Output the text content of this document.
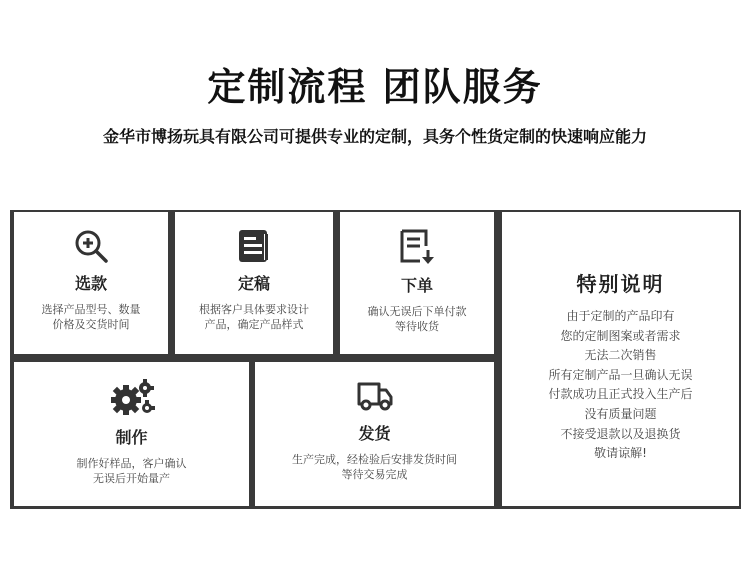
定制流程 团队服务
金华市博扬玩具有限公司可提供专业的定制，具务个性货定制的快速响应能力
选款
选择产品型号、数量
价格及交货时间
定稿
根据客户具体要求设计
产品，确定产品样式
下单
确认无误后下单付款
等待收货
制作
制作好样品，客户确认
无误后开始量产
发货
生产完成，经检验后安排发货时间
等待交易完成
特别说明
由于定制的产品印有
您的定制图案或者需求
无法二次销售
所有定制产品一旦确认无误
付款成功且正式投入生产后
没有质量问题
不接受退款以及退换货
敬请谅解!
